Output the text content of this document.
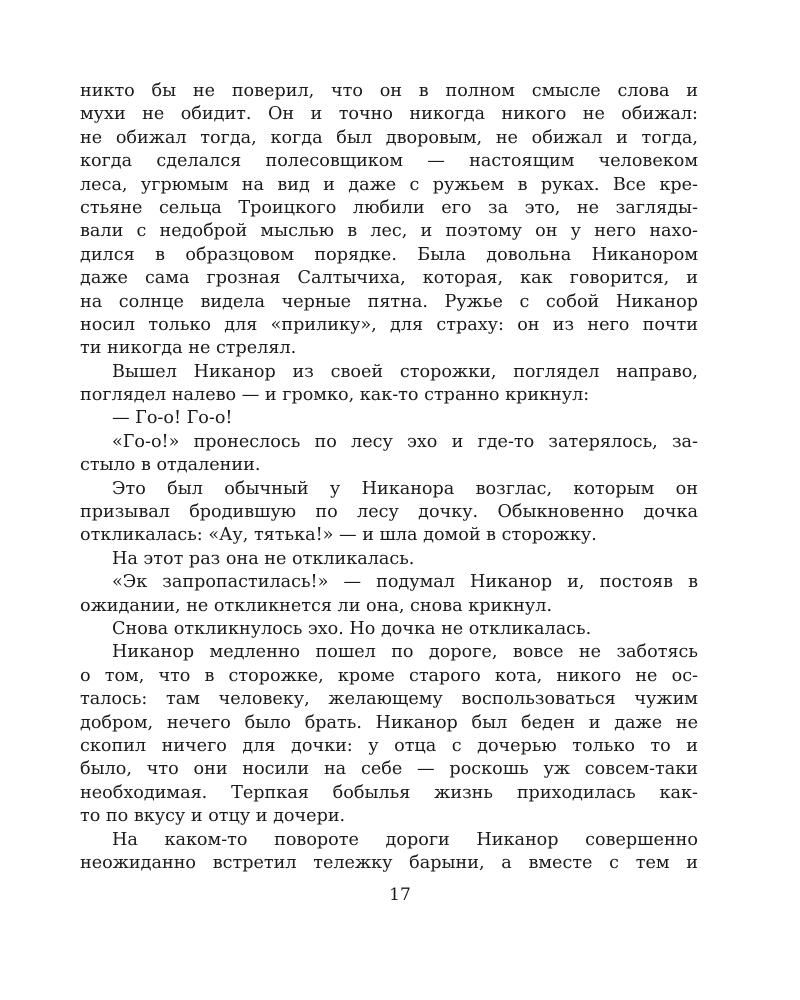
никто бы не поверил, что он в полном смысле слова и
мухи не обидит. Он и точно никогда никого не обижал:
не обижал тогда, когда был дворовым, не обижал и тогда,
когда сделался полесовщиком — настоящим человеком
леса, угрюмым на вид и даже с ружьем в руках. Все кре-
стьяне сельца Троицкого любили его за это, не загляды-
вали с недоброй мыслью в лес, и поэтому он у него нахо-
дился в образцовом порядке. Была довольна Никанором
даже сама грозная Салтычиха, которая, как говорится, и
на солнце видела черные пятна. Ружье с собой Никанор
носил только для «прилику», для страху: он из него почти
ти никогда не стрелял.
Вышел Никанор из своей сторожки, поглядел направо,
поглядел налево — и громко, как-то странно крикнул:
— Го-о! Го-о!
«Го-о!» пронеслось по лесу эхо и где-то затерялось, за-
стыло в отдалении.
Это был обычный у Никанора возглас, которым он
призывал бродившую по лесу дочку. Обыкновенно дочка
откликалась: «Ау, тятька!» — и шла домой в сторожку.
На этот раз она не откликалась.
«Эк запропастилась!» — подумал Никанор и, постояв в
ожидании, не откликнется ли она, снова крикнул.
Снова откликнулось эхо. Но дочка не откликалась.
Никанор медленно пошел по дороге, вовсе не заботясь
о том, что в сторожке, кроме старого кота, никого не ос-
талось: там человеку, желающему воспользоваться чужим
добром, нечего было брать. Никанор был беден и даже не
скопил ничего для дочки: у отца с дочерью только то и
было, что они носили на себе — роскошь уж совсем-таки
необходимая. Терпкая бобылья жизнь приходилась как-
то по вкусу и отцу и дочери.
На каком-то повороте дороги Никанор совершенно
неожиданно встретил тележку барыни, а вместе с тем и
17
